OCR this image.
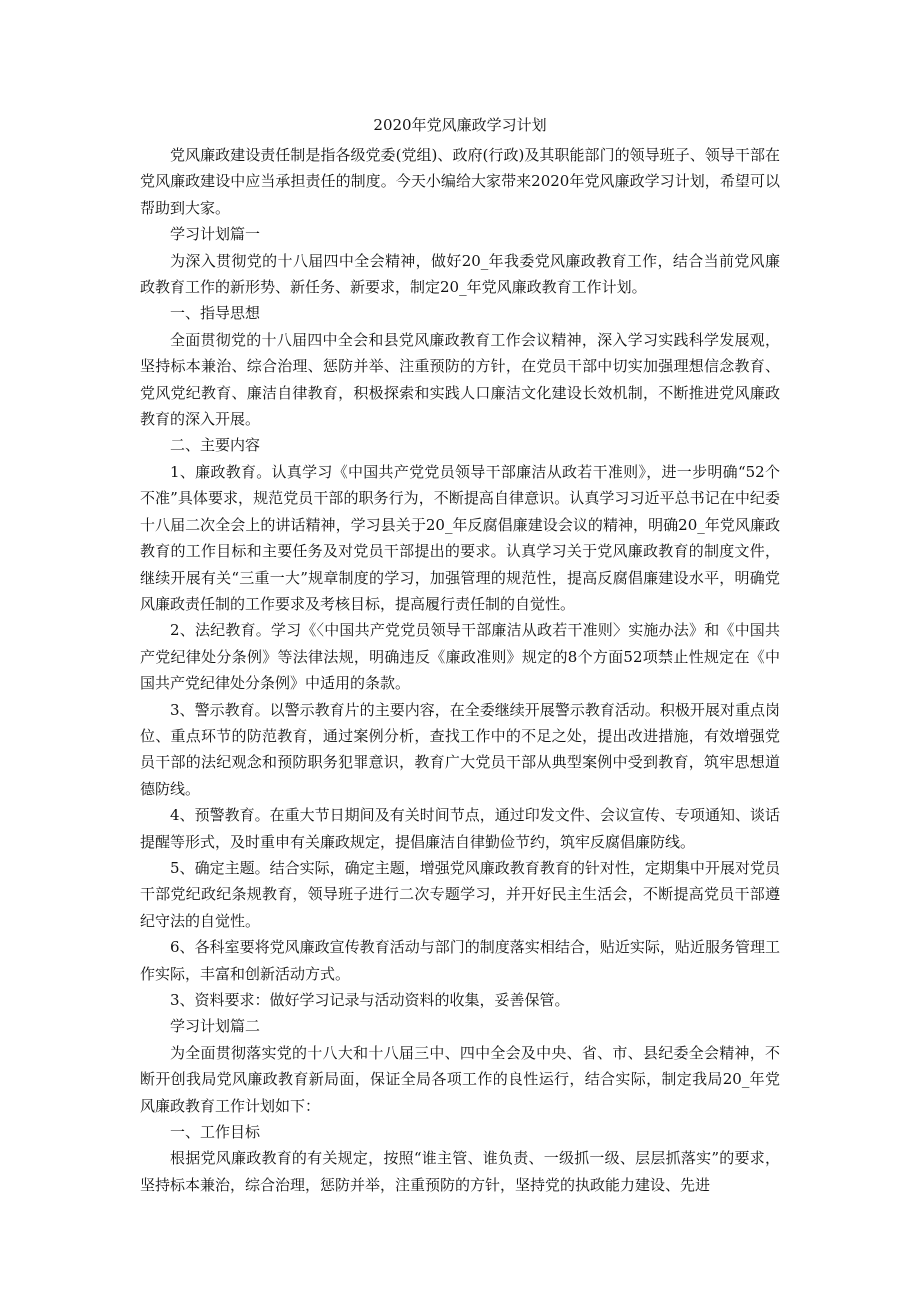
2020年党风廉政学习计划

党风廉政建设责任制是指各级党委(党组)、政府(行政)及其职能部门的领导班子、领导干部在党风廉政建设中应当承担责任的制度。今天小编给大家带来2020年党风廉政学习计划，希望可以帮助到大家。

学习计划篇一

为深入贯彻党的十八届四中全会精神，做好20_年我委党风廉政教育工作，结合当前党风廉政教育工作的新形势、新任务、新要求，制定20_年党风廉政教育工作计划。

一、指导思想

全面贯彻党的十八届四中全会和县党风廉政教育工作会议精神，深入学习实践科学发展观，坚持标本兼治、综合治理、惩防并举、注重预防的方针，在党员干部中切实加强理想信念教育、党风党纪教育、廉洁自律教育，积极探索和实践人口廉洁文化建设长效机制，不断推进党风廉政教育的深入开展。

二、主要内容

1、廉政教育。认真学习《中国共产党党员领导干部廉洁从政若干准则》，进一步明确“52个不准”具体要求，规范党员干部的职务行为，不断提高自律意识。认真学习习近平总书记在中纪委十八届二次全会上的讲话精神，学习县关于20_年反腐倡廉建设会议的精神，明确20_年党风廉政教育的工作目标和主要任务及对党员干部提出的要求。认真学习关于党风廉政教育的制度文件，继续开展有关“三重一大”规章制度的学习，加强管理的规范性，提高反腐倡廉建设水平，明确党风廉政责任制的工作要求及考核目标，提高履行责任制的自觉性。

2、法纪教育。学习《〈中国共产党党员领导干部廉洁从政若干准则〉实施办法》和《中国共产党纪律处分条例》等法律法规，明确违反《廉政准则》规定的8个方面52项禁止性规定在《中国共产党纪律处分条例》中适用的条款。

3、警示教育。以警示教育片的主要内容，在全委继续开展警示教育活动。积极开展对重点岗位、重点环节的防范教育，通过案例分析，查找工作中的不足之处，提出改进措施，有效增强党员干部的法纪观念和预防职务犯罪意识，教育广大党员干部从典型案例中受到教育，筑牢思想道德防线。

4、预警教育。在重大节日期间及有关时间节点，通过印发文件、会议宣传、专项通知、谈话提醒等形式，及时重申有关廉政规定，提倡廉洁自律勤俭节约，筑牢反腐倡廉防线。

5、确定主题。结合实际，确定主题，增强党风廉政教育教育的针对性，定期集中开展对党员干部党纪政纪条规教育，领导班子进行二次专题学习，并开好民主生活会，不断提高党员干部遵纪守法的自觉性。

6、各科室要将党风廉政宣传教育活动与部门的制度落实相结合，贴近实际，贴近服务管理工作实际，丰富和创新活动方式。

3、资料要求：做好学习记录与活动资料的收集，妥善保管。

学习计划篇二

为全面贯彻落实党的十八大和十八届三中、四中全会及中央、省、市、县纪委全会精神，不断开创我局党风廉政教育新局面，保证全局各项工作的良性运行，结合实际，制定我局20_年党风廉政教育工作计划如下：

一、工作目标

根据党风廉政教育的有关规定，按照“谁主管、谁负责、一级抓一级、层层抓落实”的要求，坚持标本兼治，综合治理，惩防并举，注重预防的方针，坚持党的执政能力建设、先进
